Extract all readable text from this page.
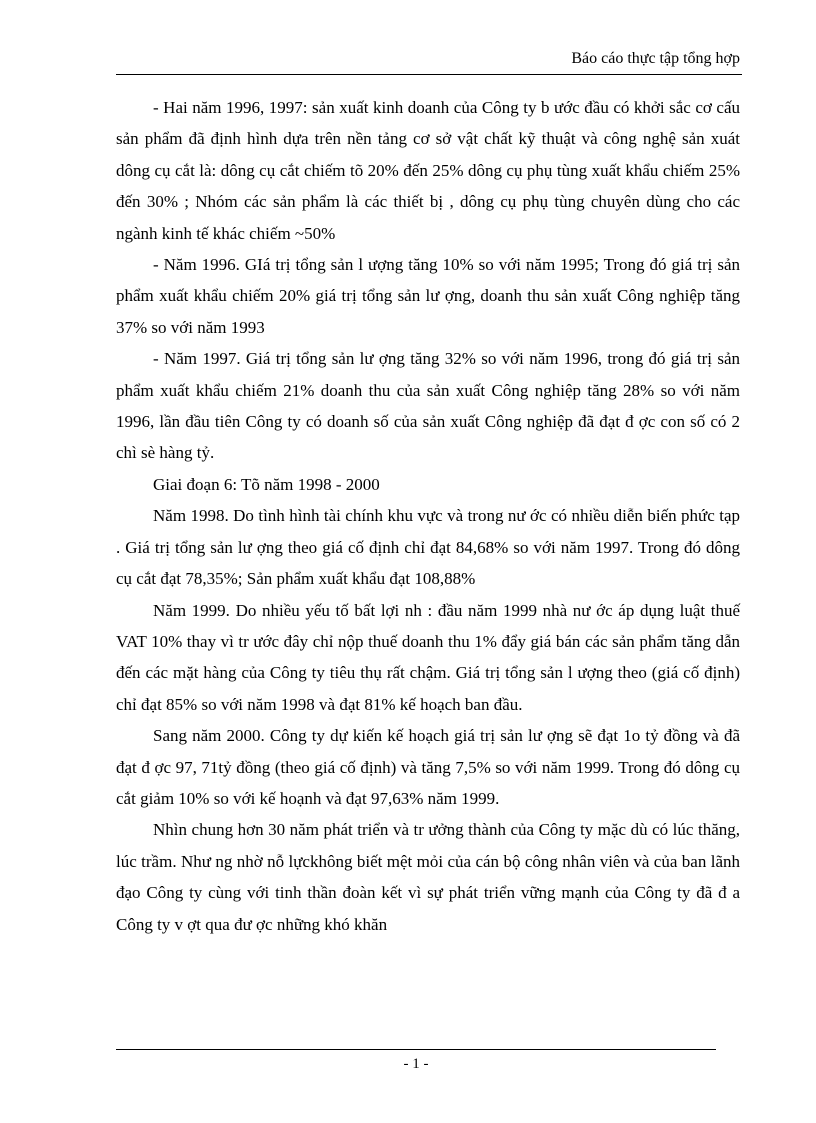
Báo cáo thực tập tổng hợp

- Hai năm 1996, 1997: sản xuất kinh doanh của Công ty b ước đầu có khởi sắc cơ cấu sản phẩm đã định hình dựa trên nền tảng cơ sở vật chất kỹ thuật và công nghệ sản xuát dông cụ cắt là: dông cụ cắt chiếm tõ 20% đến 25% dông cụ phụ tùng xuất khẩu chiếm 25% đến 30% ; Nhóm các sản phẩm là các thiết bị , dông cụ phụ tùng chuyên dùng cho các ngành kinh tế khác chiếm ~50%

- Năm 1996. GIá trị tổng sản l ượng tăng 10% so với năm 1995; Trong đó giá trị sản phẩm xuất khẩu chiếm 20% giá trị tổng sản lư ợng, doanh thu sản xuất Công nghiệp tăng 37% so với năm 1993

- Năm 1997. Giá trị tổng sản lư ợng tăng 32% so với năm 1996, trong đó giá trị sản phẩm xuất khẩu chiếm 21% doanh thu của sản xuất Công nghiệp tăng 28% so với năm 1996, lần đầu tiên Công ty có doanh số của sản xuất Công nghiệp đã đạt đ ợc con số có 2 chì sè hàng tỷ.

Giai đoạn 6: Tõ năm 1998 - 2000

Năm 1998. Do tình hình tài chính khu vực và trong nư ớc có nhiều diễn biến phức tạp . Giá trị tổng sản lư ợng theo giá cố định chỉ đạt 84,68% so với năm 1997. Trong đó dông cụ cắt đạt 78,35%; Sản phẩm xuất khẩu đạt 108,88%

Năm 1999. Do nhiều yếu tố bất lợi nh : đầu năm 1999 nhà nư ớc áp dụng luật thuế VAT 10% thay vì tr ước đây chỉ nộp thuế doanh thu 1% đẩy giá bán các sản phẩm tăng dẫn đến các mặt hàng của Công ty tiêu thụ rất chậm. Giá trị tổng sản l ượng theo (giá cố định) chỉ đạt 85% so với năm 1998 và đạt 81% kế hoạch ban đầu.

Sang năm 2000. Công ty dự kiến kế hoạch giá trị sản lư ợng sẽ đạt 1o tỷ đồng và đã đạt đ ợc 97, 71tỷ đồng (theo giá cố định) và tăng 7,5% so với năm 1999. Trong đó dông cụ cắt giảm 10% so với kế hoạnh và đạt 97,63% năm 1999.

Nhìn chung hơn 30 năm phát triển và tr ưởng thành của Công ty mặc dù có lúc thăng, lúc trầm. Như ng nhờ nỗ lựckhông biết mệt mỏi của cán bộ công nhân viên và của ban lãnh đạo Công ty cùng với tinh thần đoàn kết vì sự phát triển vững mạnh của Công ty đã đ a Công ty v ợt qua đư ợc những khó khăn

- 1 -
